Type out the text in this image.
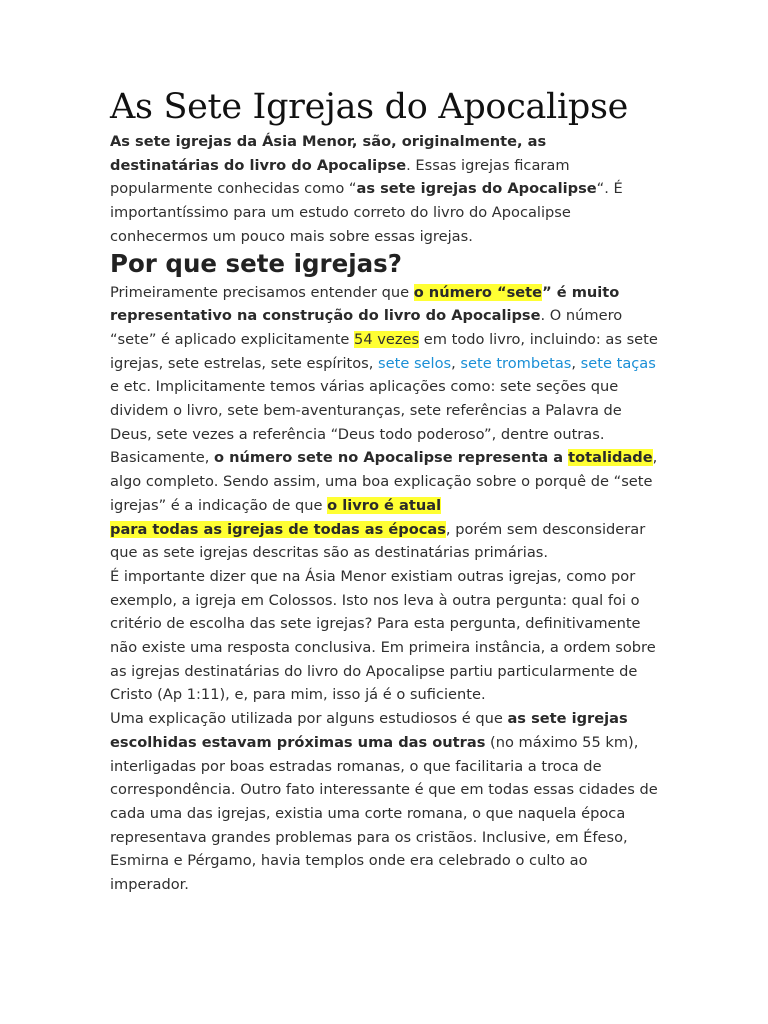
As Sete Igrejas do Apocalipse

As sete igrejas da Ásia Menor, são, originalmente, as destinatárias do livro do Apocalipse. Essas igrejas ficaram popularmente conhecidas como “as sete igrejas do Apocalipse“. É importantíssimo para um estudo correto do livro do Apocalipse conhecermos um pouco mais sobre essas igrejas.

Por que sete igrejas?

Primeiramente precisamos entender que o número “sete” é muito representativo na construção do livro do Apocalipse. O número “sete” é aplicado explicitamente 54 vezes em todo livro, incluindo: as sete igrejas, sete estrelas, sete espíritos, sete selos, sete trombetas, sete taças e etc. Implicitamente temos várias aplicações como: sete seções que dividem o livro, sete bem-aventuranças, sete referências a Palavra de Deus, sete vezes a referência “Deus todo poderoso”, dentre outras. Basicamente, o número sete no Apocalipse representa a totalidade, algo completo. Sendo assim, uma boa explicação sobre o porquê de “sete igrejas” é a indicação de que o livro é atual
para todas as igrejas de todas as épocas, porém sem desconsiderar que as sete igrejas descritas são as destinatárias primárias.

É importante dizer que na Ásia Menor existiam outras igrejas, como por exemplo, a igreja em Colossos. Isto nos leva à outra pergunta: qual foi o critério de escolha das sete igrejas? Para esta pergunta, definitivamente não existe uma resposta conclusiva. Em primeira instância, a ordem sobre as igrejas destinatárias do livro do Apocalipse partiu particularmente de Cristo (Ap 1:11), e, para mim, isso já é o suficiente.

Uma explicação utilizada por alguns estudiosos é que as sete igrejas escolhidas estavam próximas uma das outras (no máximo 55 km), interligadas por boas estradas romanas, o que facilitaria a troca de correspondência. Outro fato interessante é que em todas essas cidades de cada uma das igrejas, existia uma corte romana, o que naquela época representava grandes problemas para os cristãos. Inclusive, em Éfeso, Esmirna e Pérgamo, havia templos onde era celebrado o culto ao imperador.
